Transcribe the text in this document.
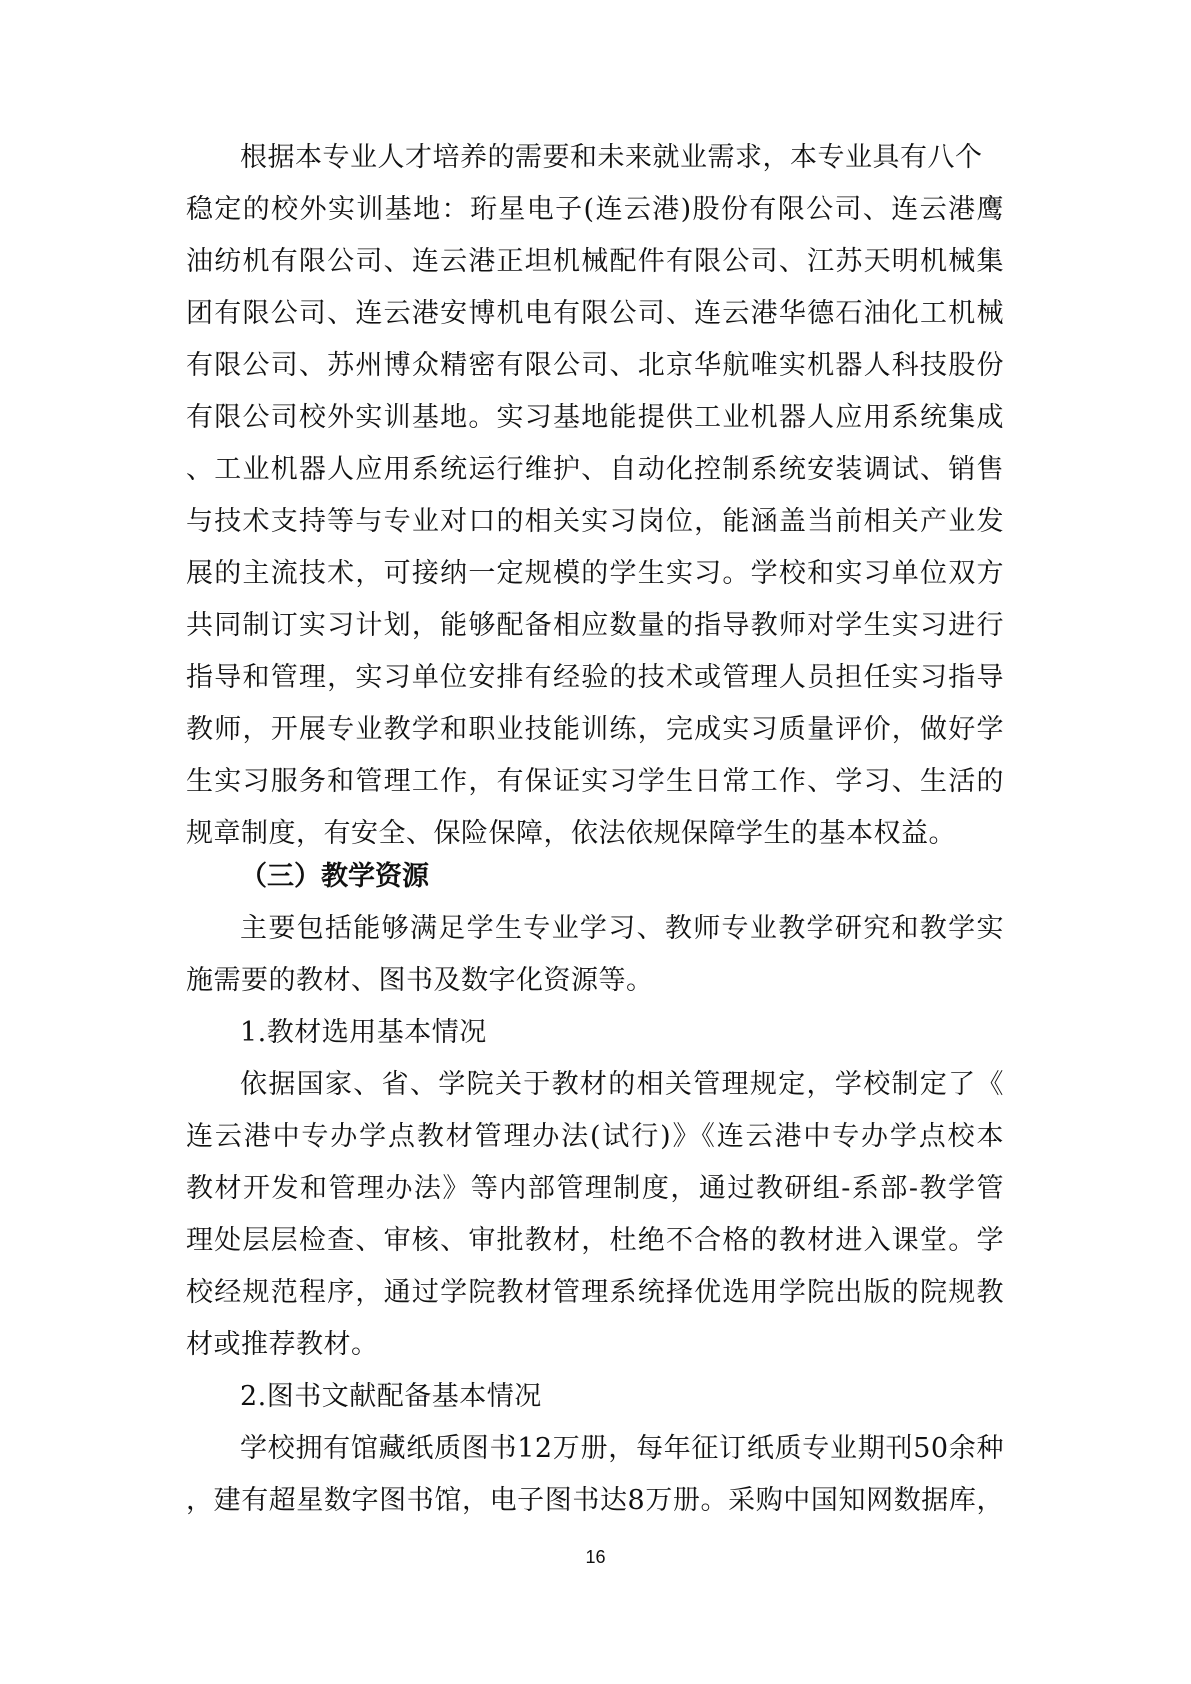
根据本专业人才培养的需要和未来就业需求，本专业具有八个
稳定的校外实训基地：珩星电子(连云港)股份有限公司、连云港鹰
油纺机有限公司、连云港正坦机械配件有限公司、江苏天明机械集
团有限公司、连云港安博机电有限公司、连云港华德石油化工机械
有限公司、苏州博众精密有限公司、北京华航唯实机器人科技股份
有限公司校外实训基地。实习基地能提供工业机器人应用系统集成
、工业机器人应用系统运行维护、自动化控制系统安装调试、销售
与技术支持等与专业对口的相关实习岗位，能涵盖当前相关产业发
展的主流技术，可接纳一定规模的学生实习。学校和实习单位双方
共同制订实习计划，能够配备相应数量的指导教师对学生实习进行
指导和管理，实习单位安排有经验的技术或管理人员担任实习指导
教师，开展专业教学和职业技能训练，完成实习质量评价，做好学
生实习服务和管理工作，有保证实习学生日常工作、学习、生活的
规章制度，有安全、保险保障，依法依规保障学生的基本权益。
（三）教学资源
主要包括能够满足学生专业学习、教师专业教学研究和教学实
施需要的教材、图书及数字化资源等。
1.教材选用基本情况
依据国家、省、学院关于教材的相关管理规定，学校制定了《
连云港中专办学点教材管理办法(试行)》《连云港中专办学点校本
教材开发和管理办法》等内部管理制度，通过教研组-系部-教学管
理处层层检查、审核、审批教材，杜绝不合格的教材进入课堂。学
校经规范程序，通过学院教材管理系统择优选用学院出版的院规教
材或推荐教材。
2.图书文献配备基本情况
学校拥有馆藏纸质图书12万册，每年征订纸质专业期刊50余种
，建有超星数字图书馆，电子图书达8万册。采购中国知网数据库，
16
